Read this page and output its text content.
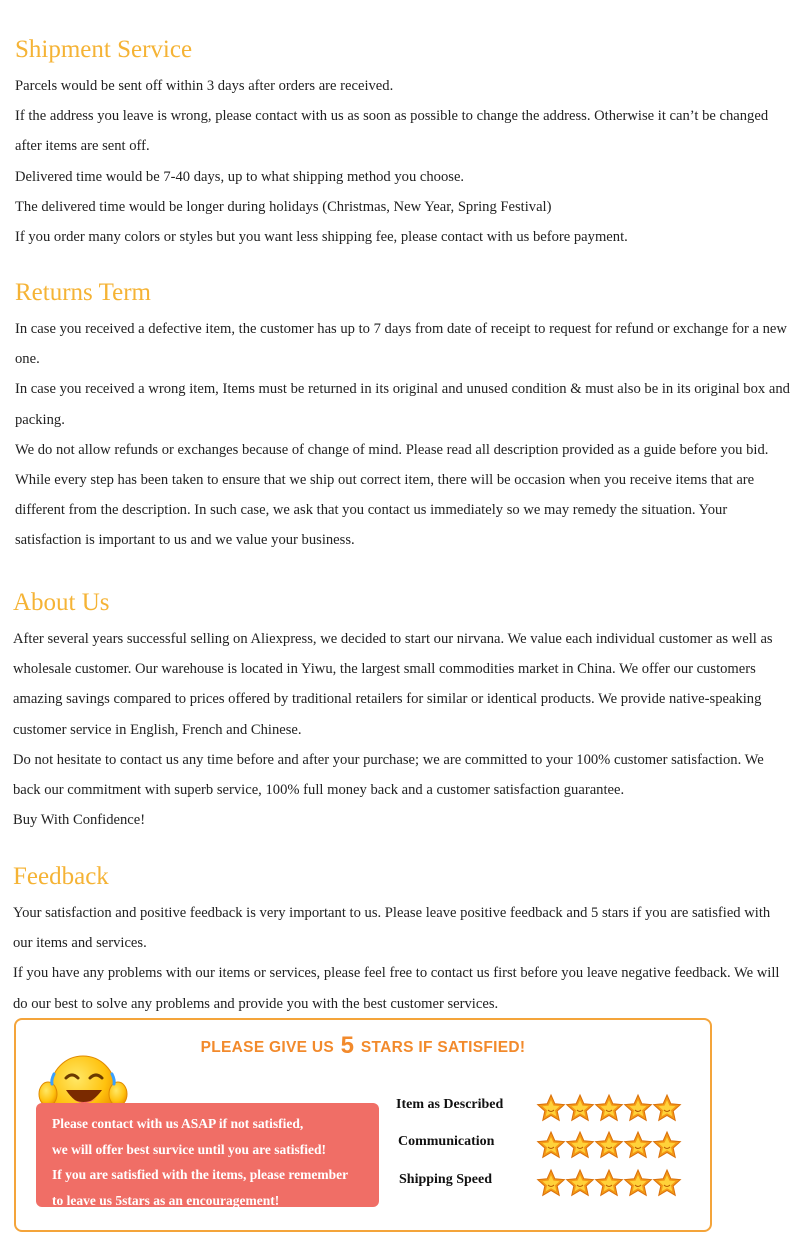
Shipment Service

Parcels would be sent off within 3 days after orders are received.

If the address you leave is wrong, please contact with us as soon as possible to change the address. Otherwise it can’t be changed after items are sent off.

Delivered time would be 7-40 days, up to what shipping method you choose.

The delivered time would be longer during holidays (Christmas, New Year, Spring Festival)

If you order many colors or styles but you want less shipping fee, please contact with us before payment.

Returns Term

In case you received a defective item, the customer has up to 7 days from date of receipt to request for refund or exchange for a new one.

In case you received a wrong item, Items must be returned in its original and unused condition & must also be in its original box and packing.

We do not allow refunds or exchanges because of change of mind. Please read all description provided as a guide before you bid. While every step has been taken to ensure that we ship out correct item, there will be occasion when you receive items that are different from the description. In such case, we ask that you contact us immediately so we may remedy the situation. Your satisfaction is important to us and we value your business.

About Us

After several years successful selling on Aliexpress, we decided to start our nirvana. We value each individual customer as well as wholesale customer. Our warehouse is located in Yiwu, the largest small commodities market in China. We offer our customers amazing savings compared to prices offered by traditional retailers for similar or identical products. We provide native-speaking customer service in English, French and Chinese.

Do not hesitate to contact us any time before and after your purchase; we are committed to your 100% customer satisfaction. We back our commitment with superb service, 100% full money back and a customer satisfaction guarantee.

Buy With Confidence!

Feedback

Your satisfaction and positive feedback is very important to us. Please leave positive feedback and 5 stars if you are satisfied with our items and services.

If you have any problems with our items or services, please feel free to contact us first before you leave negative feedback. We will do our best to solve any problems and provide you with the best customer services.

PLEASE GIVE US 5 STARS IF SATISFIED!
Please contact with us ASAP if not satisfied,
we will offer best survice until you are satisfied!
If you are satisfied with the items, please remember
to leave us 5stars as an encouragement!
Item as Described
Communication
Shipping Speed
